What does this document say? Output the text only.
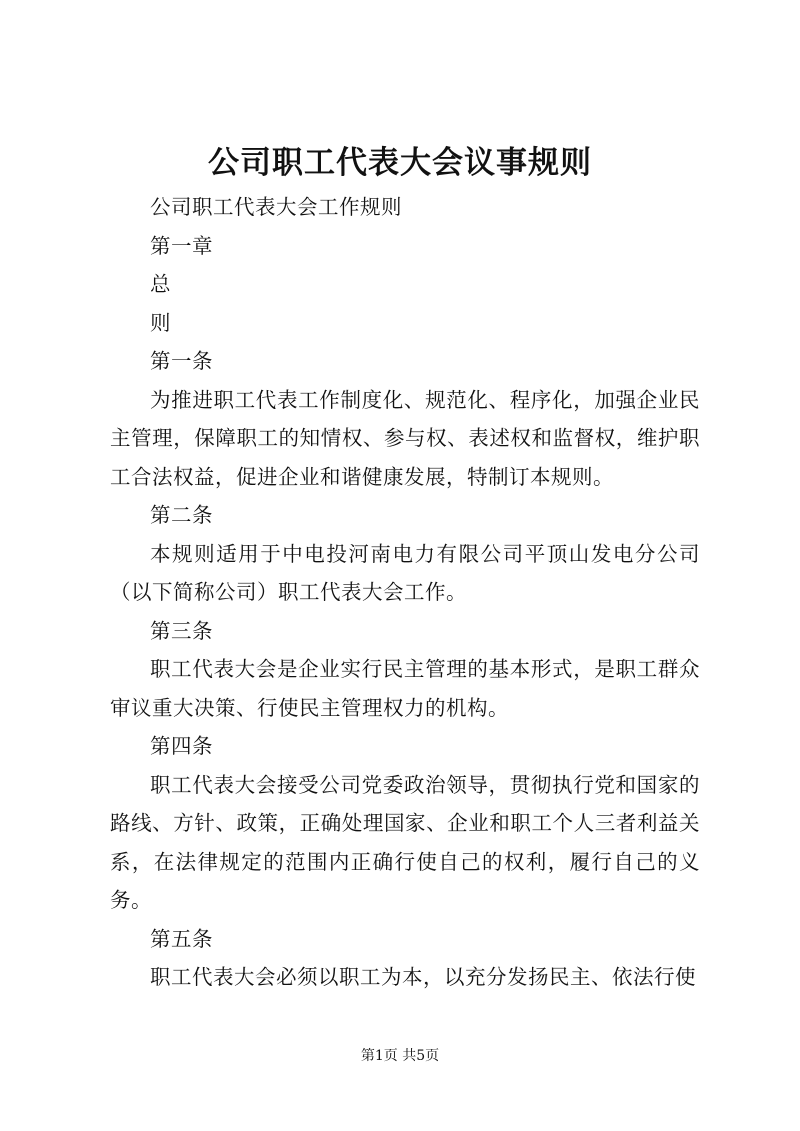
公司职工代表大会议事规则

公司职工代表大会工作规则

第一章

总

则

第一条

为推进职工代表工作制度化、规范化、程序化，加强企业民主管理，保障职工的知情权、参与权、表述权和监督权，维护职工合法权益，促进企业和谐健康发展，特制订本规则。

第二条

本规则适用于中电投河南电力有限公司平顶山发电分公司（以下简称公司）职工代表大会工作。

第三条

职工代表大会是企业实行民主管理的基本形式，是职工群众审议重大决策、行使民主管理权力的机构。

第四条

职工代表大会接受公司党委政治领导，贯彻执行党和国家的路线、方针、政策，正确处理国家、企业和职工个人三者利益关系，在法律规定的范围内正确行使自己的权利，履行自己的义务。

第五条

职工代表大会必须以职工为本，以充分发扬民主、依法行使

第1页 共5页
